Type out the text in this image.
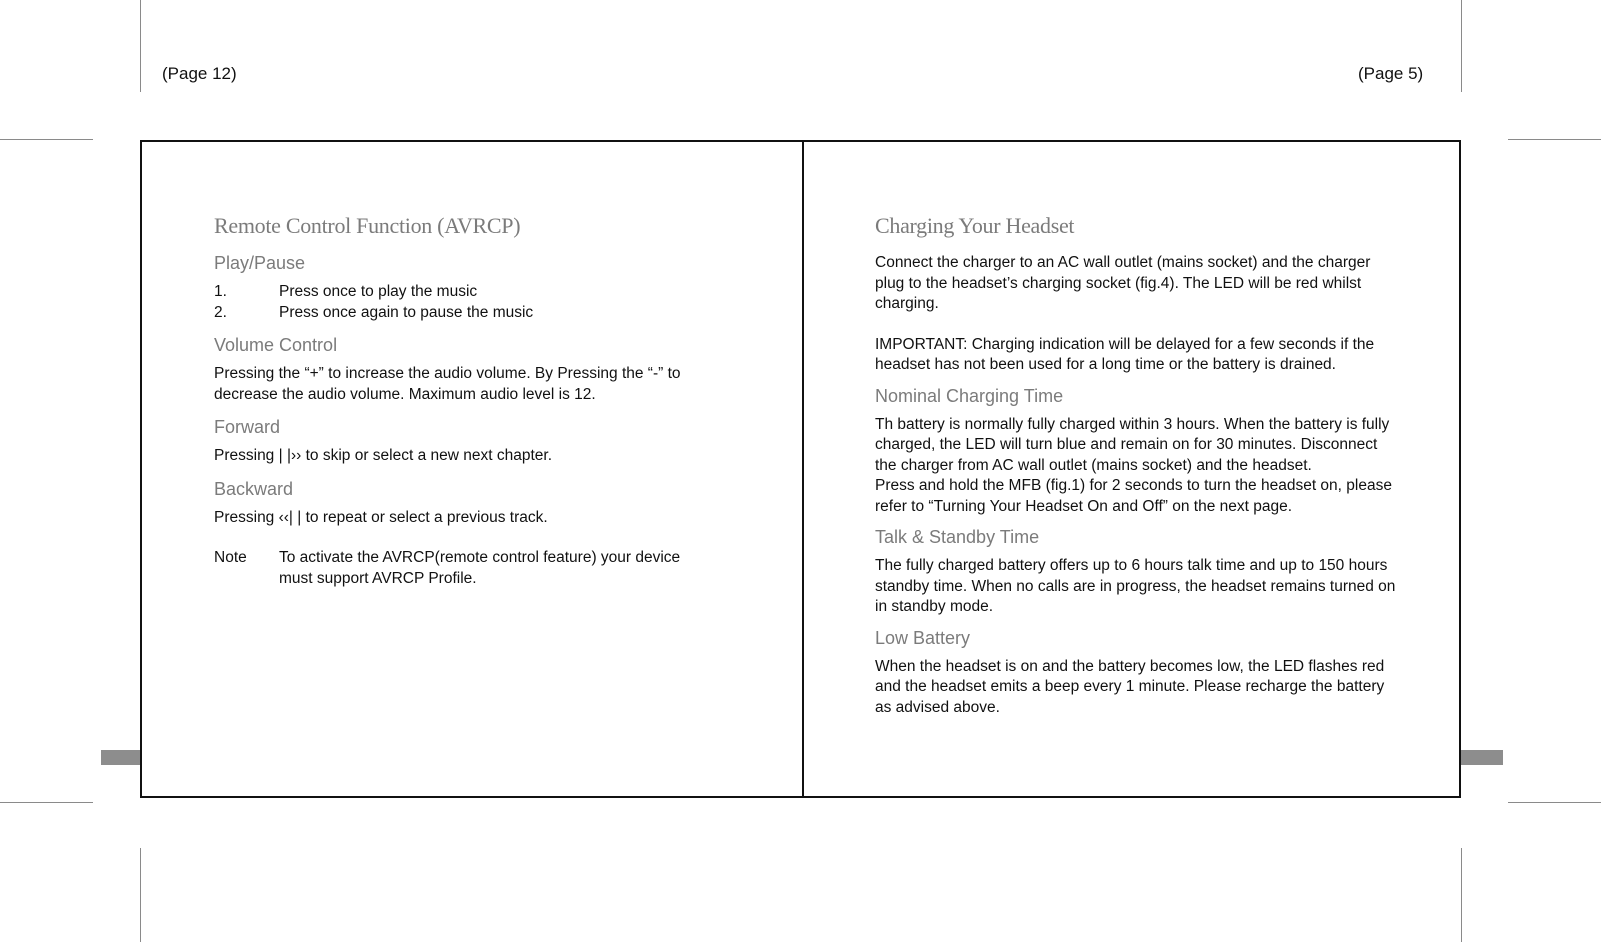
(Page 12)	(Page 5)
Remote Control Function (AVRCP)
Play/Pause
1.	Press once to play the music
2.	Press once again to pause the music
Volume Control

Pressing the “+” to increase the audio volume. By Pressing the “-” to decrease the audio volume. Maximum audio level is 12.

Forward

Pressing | |›› to skip or select a new next chapter.

Backward

Pressing ‹‹| | to repeat or select a previous track.

Note	To activate the AVRCP(remote control feature) your device must support AVRCP Profile.
Charging Your Headset

Connect the charger to an AC wall outlet (mains socket) and the charger plug to the headset’s charging socket (fig.4). The LED will be red whilst charging.

IMPORTANT: Charging indication will be delayed for a few seconds if the headset has not been used for a long time or the battery is drained.

Nominal Charging Time

Th battery is normally fully charged within 3 hours. When the battery is fully charged, the LED will turn blue and remain on for 30 minutes. Disconnect the charger from AC wall outlet (mains socket) and the headset.

Press and hold the MFB (fig.1) for 2 seconds to turn the headset on, please refer to “Turning Your Headset On and Off” on the next page.

Talk & Standby Time

The fully charged battery offers up to 6 hours talk time and up to 150 hours standby time. When no calls are in progress, the headset remains turned on in standby mode.

Low Battery

When the headset is on and the battery becomes low, the LED flashes red and the headset emits a beep every 1 minute. Please recharge the battery as advised above.
